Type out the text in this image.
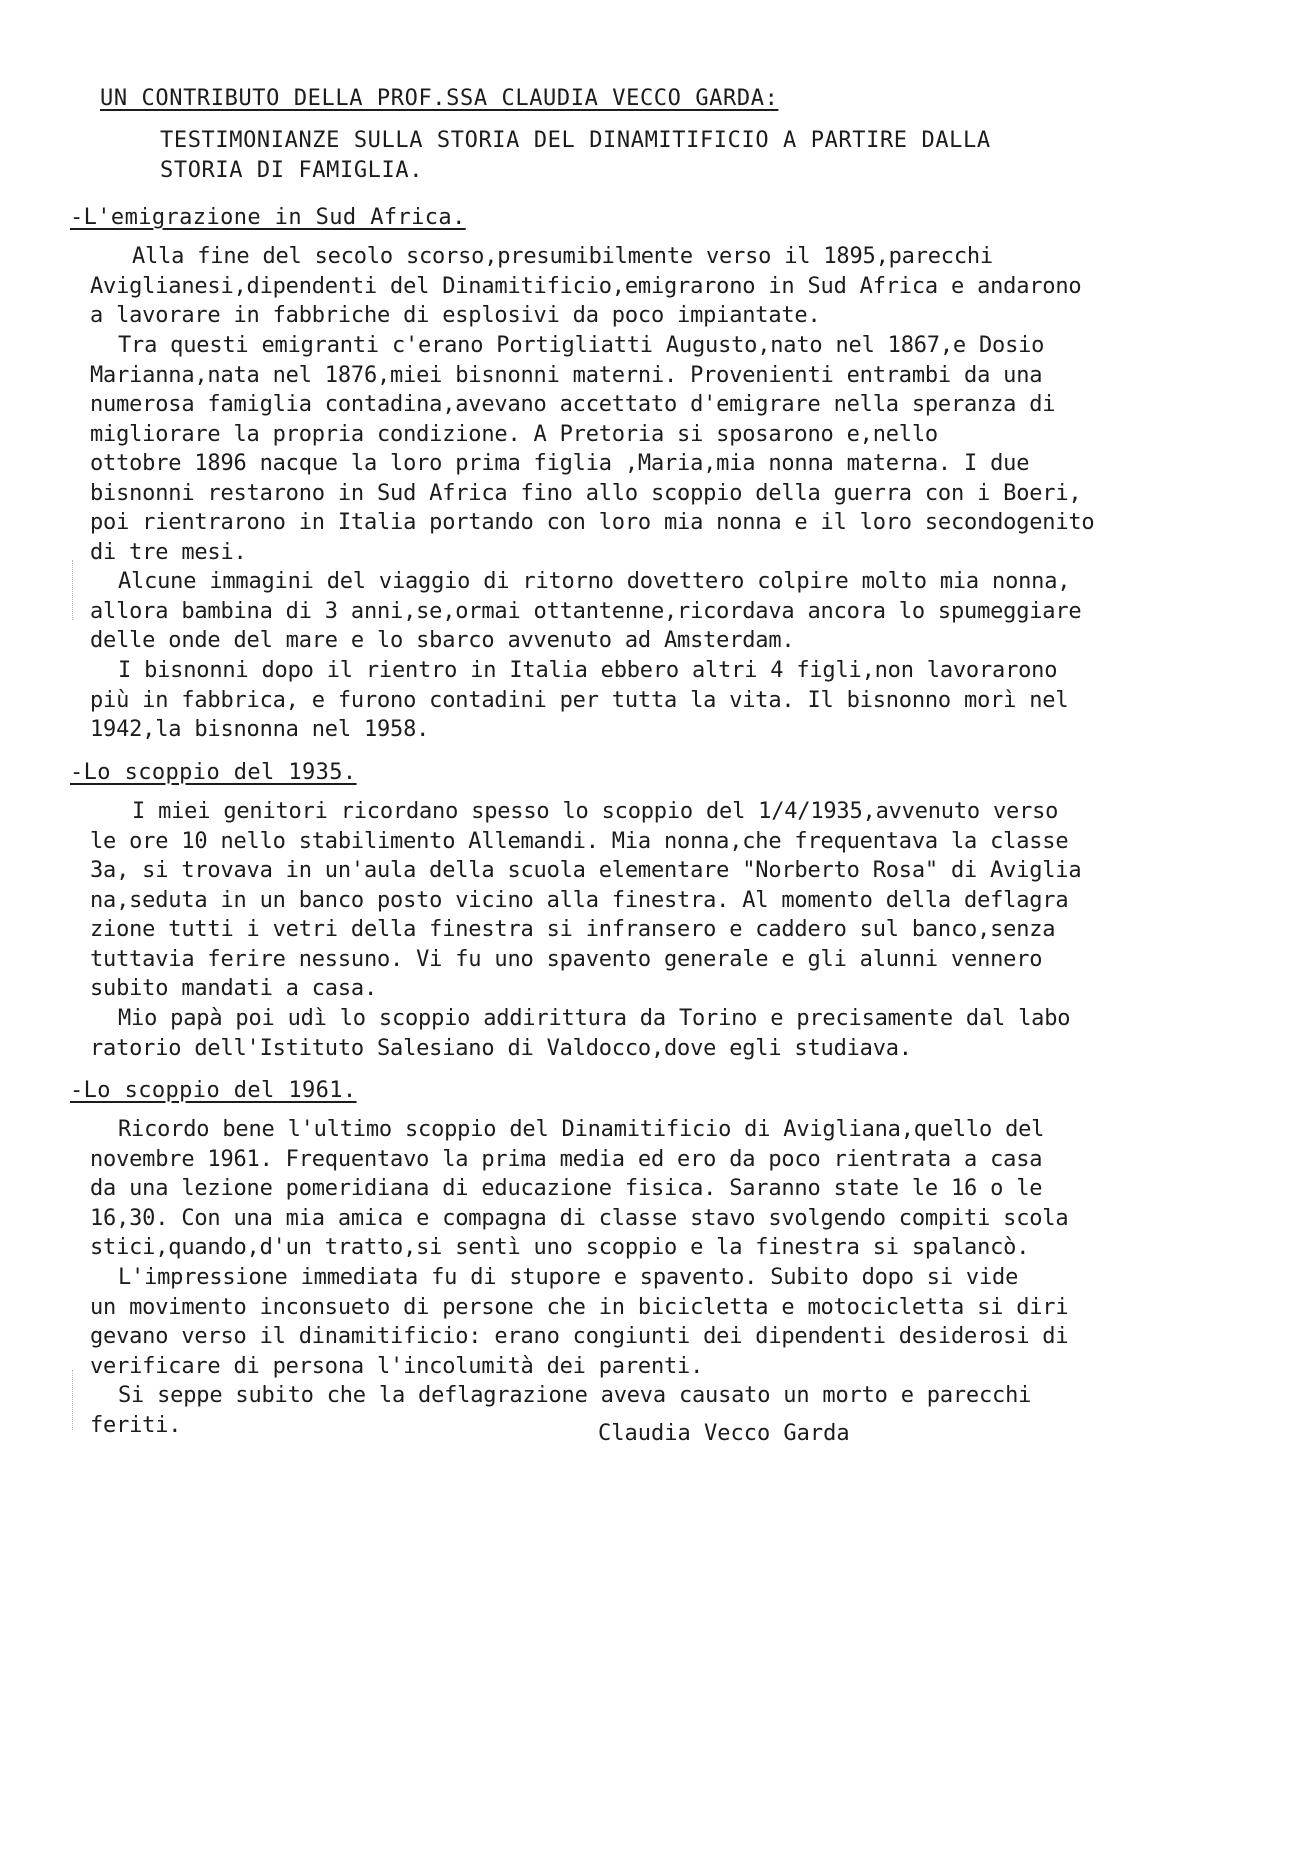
UN CONTRIBUTO DELLA PROF.SSA CLAUDIA VECCO GARDA:
TESTIMONIANZE SULLA STORIA DEL DINAMITIFICIO A PARTIRE DALLA
STORIA DI FAMIGLIA.
-L'emigrazione in Sud Africa.
Alla fine del secolo scorso,presumibilmente verso il 1895,parecchi
Aviglianesi,dipendenti del Dinamitificio,emigrarono in Sud Africa e andarono
a lavorare in fabbriche di esplosivi da poco impiantate.
Tra questi emigranti c'erano Portigliatti Augusto,nato nel 1867,e Dosio
Marianna,nata nel 1876,miei bisnonni materni. Provenienti entrambi da una
numerosa famiglia contadina,avevano accettato d'emigrare nella speranza di
migliorare la propria condizione. A Pretoria si sposarono e,nello
ottobre 1896 nacque la loro prima figlia ,Maria,mia nonna materna. I due
bisnonni restarono in Sud Africa fino allo scoppio della guerra con i Boeri,
poi rientrarono in Italia portando con loro mia nonna e il loro secondogenito
di tre mesi.
Alcune immagini del viaggio di ritorno dovettero colpire molto mia nonna,
allora bambina di 3 anni,se,ormai ottantenne,ricordava ancora lo spumeggiare
delle onde del mare e lo sbarco avvenuto ad Amsterdam.
I bisnonni dopo il rientro in Italia ebbero altri 4 figli,non lavorarono
più in fabbrica, e furono contadini per tutta la vita. Il bisnonno morì nel
1942,la bisnonna nel 1958.
-Lo scoppio del 1935.
I miei genitori ricordano spesso lo scoppio del 1/4/1935,avvenuto verso
le ore 10 nello stabilimento Allemandi. Mia nonna,che frequentava la classe
3a, si trovava in un'aula della scuola elementare "Norberto Rosa" di Aviglia
na,seduta in un banco posto vicino alla finestra. Al momento della deflagra
zione tutti i vetri della finestra si infransero e caddero sul banco,senza
tuttavia ferire nessuno. Vi fu uno spavento generale e gli alunni vennero
subito mandati a casa.
Mio papà poi udì lo scoppio addirittura da Torino e precisamente dal labo
ratorio dell'Istituto Salesiano di Valdocco,dove egli studiava.
-Lo scoppio del 1961.
Ricordo bene l'ultimo scoppio del Dinamitificio di Avigliana,quello del
novembre 1961. Frequentavo la prima media ed ero da poco rientrata a casa
da una lezione pomeridiana di educazione fisica. Saranno state le 16 o le
16,30. Con una mia amica e compagna di classe stavo svolgendo compiti scola
stici,quando,d'un tratto,si sentì uno scoppio e la finestra si spalancò.
L'impressione immediata fu di stupore e spavento. Subito dopo si vide
un movimento inconsueto di persone che in bicicletta e motocicletta si diri
gevano verso il dinamitificio: erano congiunti dei dipendenti desiderosi di
verificare di persona l'incolumità dei parenti.
Si seppe subito che la deflagrazione aveva causato un morto e parecchi
feriti.	Claudia Vecco Garda
